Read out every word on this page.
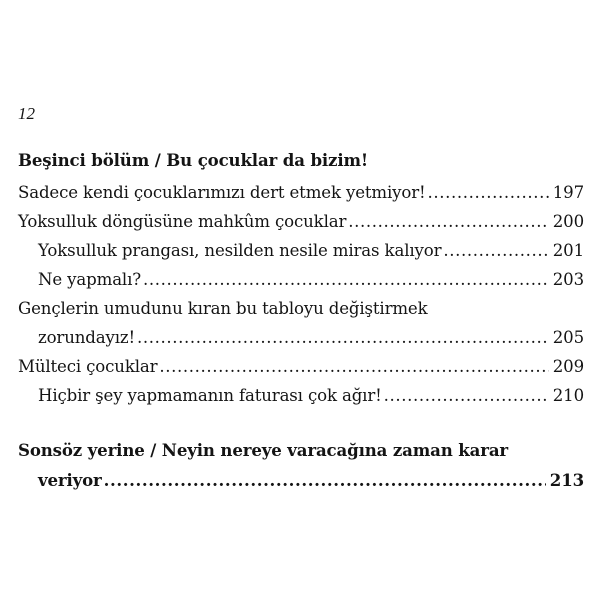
12
Beşinci bölüm / Bu çocuklar da bizim!
Sadece kendi çocuklarımızı dert etmek yetmiyor! .....	197
Yoksulluk döngüsüne mahkûm çocuklar .....	200
Yoksulluk prangası, nesilden nesile miras kalıyor .....	201
Ne yapmalı? .....	203
Gençlerin umudunu kıran bu tabloyu değiştirmek
zorundayız! .....	205
Mülteci çocuklar .....	209
Hiçbir şey yapmamanın faturası çok ağır! .....	210
Sonsöz yerine / Neyin nereye varacağına zaman karar
veriyor .....	213
